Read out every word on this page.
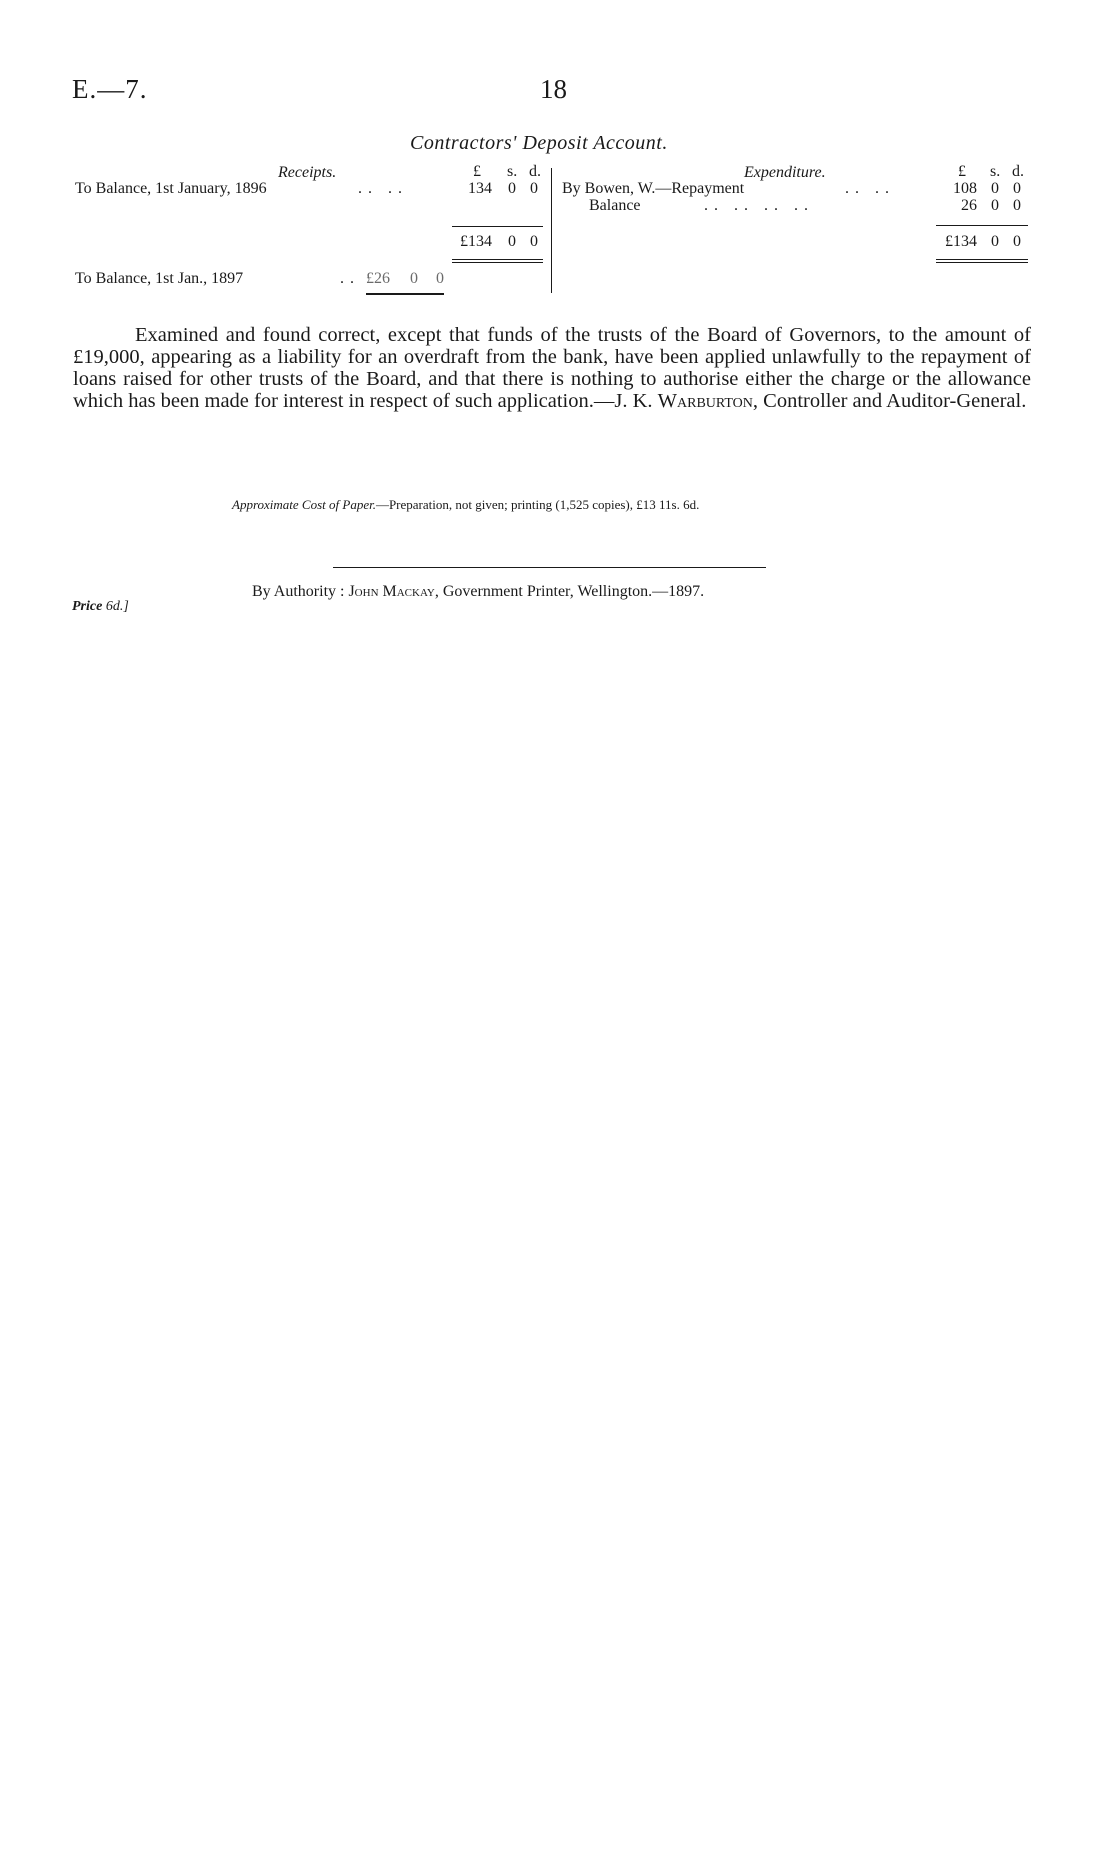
E.—7.	18
Contractors' Deposit Account.
Receipts.	£ s. d.
To Balance, 1st January, 1896	.. ..	134	0 0
£134	0 0
To Balance, 1st Jan., 1897	.. £26 0 0
Expenditure.	£ s. d.
By Bowen, W.—Repayment	.. ..	108 0 0
Balance	.. .. .. ..	26 0 0
£134 0 0
Examined and found correct, except that funds of the trusts of the Board of Governors, to the amount of £19,000, appearing as a liability for an overdraft from the bank, have been applied unlawfully to the repayment of loans raised for other trusts of the Board, and that there is nothing to authorise either the charge or the allowance which has been made for interest in respect of such application.—J. K. Warburton, Controller and Auditor-General.
Approximate Cost of Paper.—Preparation, not given; printing (1,525 copies), £13 11s. 6d.
By Authority : John Mackay, Government Printer, Wellington.—1897.
Price 6d.]
